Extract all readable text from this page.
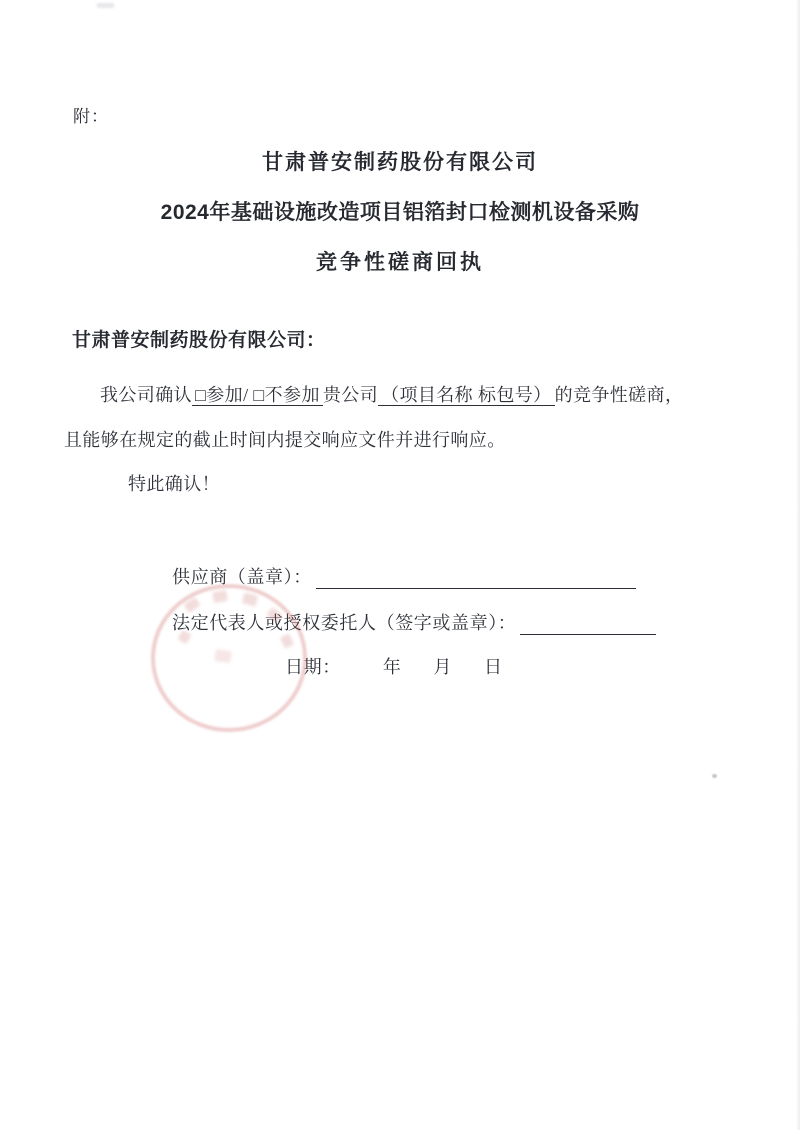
附：
甘肃普安制药股份有限公司
2024年基础设施改造项目铝箔封口检测机设备采购
竞争性磋商回执
甘肃普安制药股份有限公司：
我公司确认 □参加/ □不参加 贵公司 （项目名称 标包号） 的竞争性磋商，
且能够在规定的截止时间内提交响应文件并进行响应。
特此确认！
供应商（盖章）：
法定代表人或授权委托人（签字或盖章）：
日期： 年 月 日
